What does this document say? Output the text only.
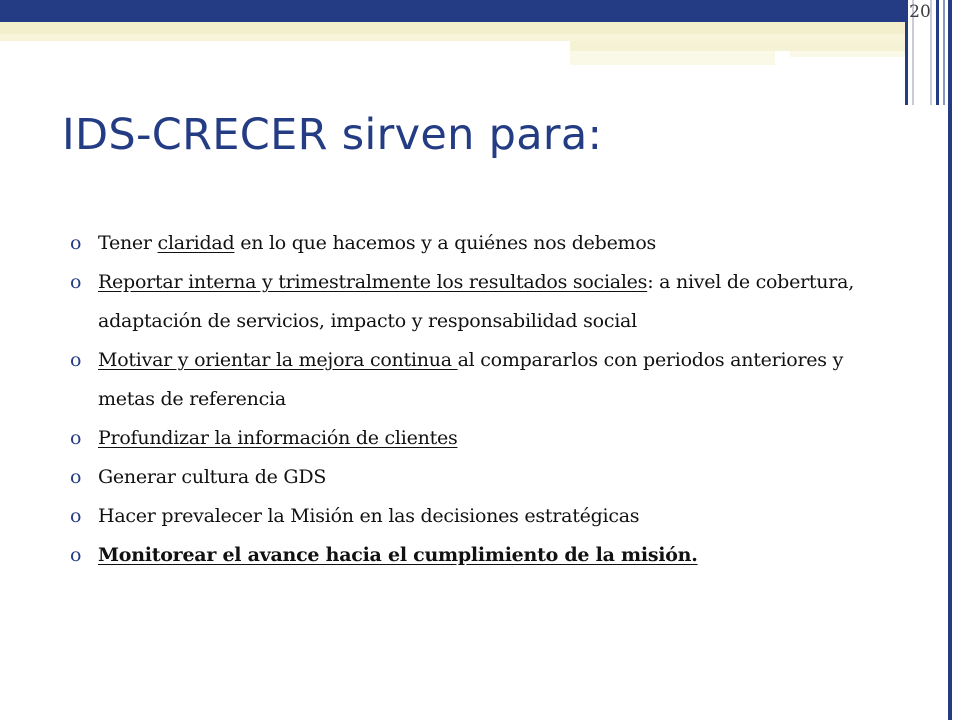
20
IDS-CRECER sirven para:
o Tener claridad en lo que hacemos y a quiénes nos debemos
o Reportar interna y trimestralmente los resultados sociales: a nivel de cobertura, adaptación de servicios, impacto y responsabilidad social
o Motivar y orientar la mejora continua al compararlos con periodos anteriores y metas de referencia
o Profundizar la información de clientes
o Generar cultura de GDS
o Hacer prevalecer la Misión en las decisiones estratégicas
o Monitorear el avance hacia el cumplimiento de la misión.
